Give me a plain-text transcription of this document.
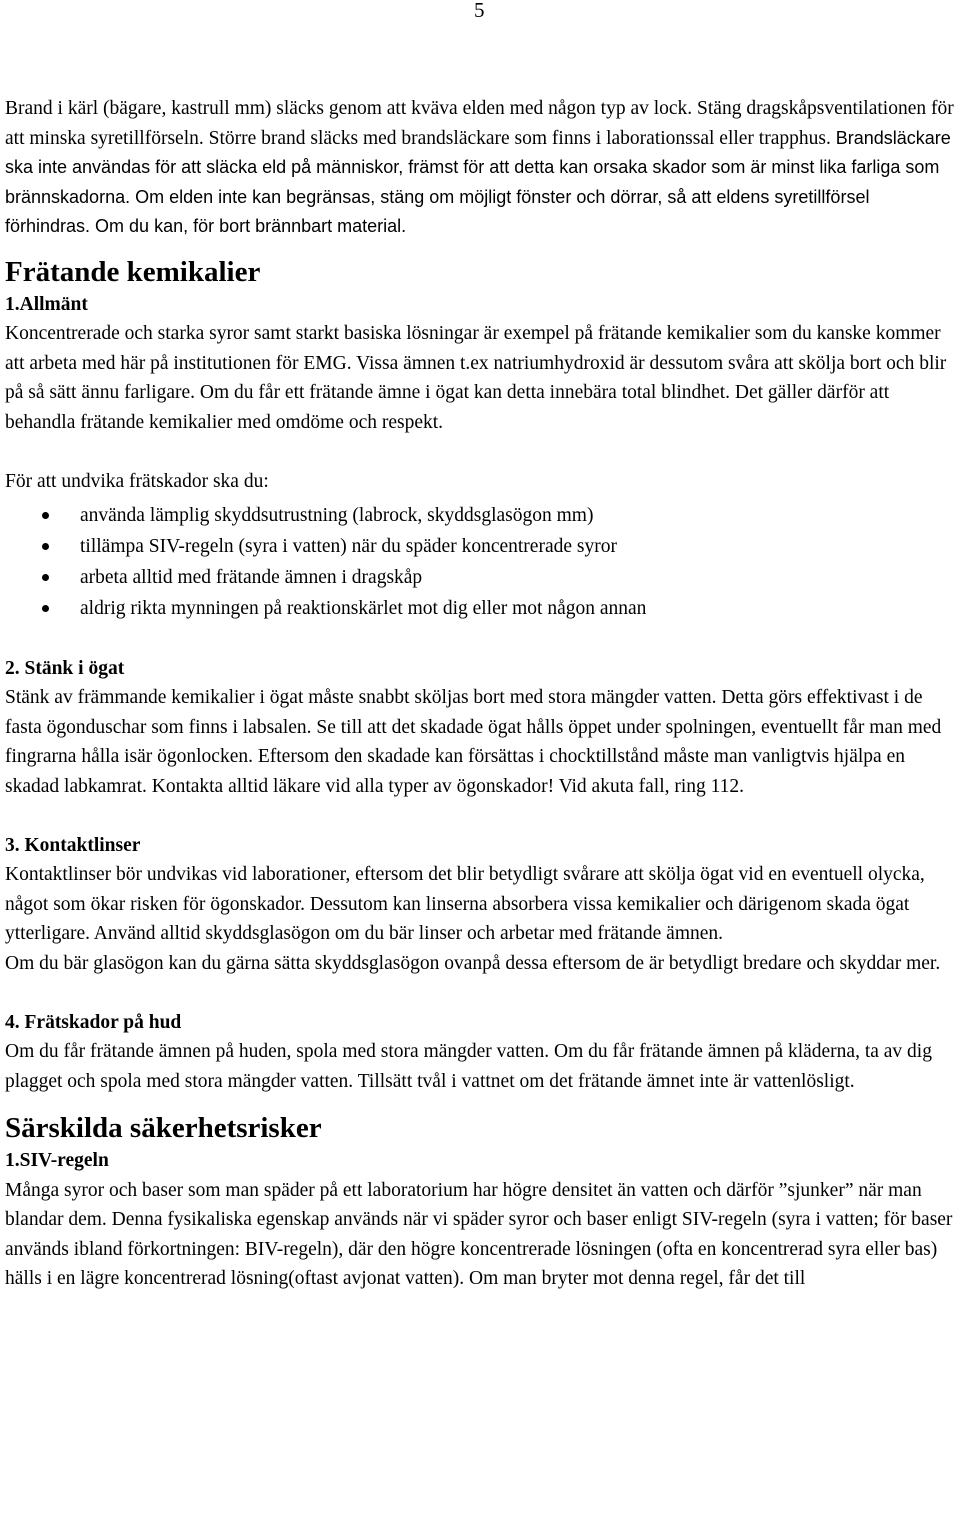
5

Brand i kärl (bägare, kastrull mm) släcks genom att kväva elden med någon typ av lock. Stäng dragskåpsventilationen för att minska syretillförseln. Större brand släcks med brandsläckare som finns i laborationssal eller trapphus. Brandsläckare ska inte användas för att släcka eld på människor, främst för att detta kan orsaka skador som är minst lika farliga som brännskadorna. Om elden inte kan begränsas, stäng om möjligt fönster och dörrar, så att eldens syretillförsel förhindras. Om du kan, för bort brännbart material.

Frätande kemikalier
1.Allmänt

Koncentrerade och starka syror samt starkt basiska lösningar är exempel på frätande kemikalier som du kanske kommer att arbeta med här på institutionen för EMG. Vissa ämnen t.ex natriumhydroxid är dessutom svåra att skölja bort och blir på så sätt ännu farligare. Om du får ett frätande ämne i ögat kan detta innebära total blindhet. Det gäller därför att behandla frätande kemikalier med omdöme och respekt.

För att undvika frätskador ska du:

använda lämplig skyddsutrustning (labrock, skyddsglasögon mm)
tillämpa SIV-regeln (syra i vatten) när du späder koncentrerade syror
arbeta alltid med frätande ämnen i dragskåp
aldrig rikta mynningen på reaktionskärlet mot dig eller mot någon annan
2. Stänk i ögat

Stänk av främmande kemikalier i ögat måste snabbt sköljas bort med stora mängder vatten. Detta görs effektivast i de fasta ögonduschar som finns i labsalen. Se till att det skadade ögat hålls öppet under spolningen, eventuellt får man med fingrarna hålla isär ögonlocken. Eftersom den skadade kan försättas i chocktillstånd måste man vanligtvis hjälpa en skadad labkamrat. Kontakta alltid läkare vid alla typer av ögonskador! Vid akuta fall, ring 112.

3. Kontaktlinser

Kontaktlinser bör undvikas vid laborationer, eftersom det blir betydligt svårare att skölja ögat vid en eventuell olycka, något som ökar risken för ögonskador. Dessutom kan linserna absorbera vissa kemikalier och därigenom skada ögat ytterligare. Använd alltid skyddsglasögon om du bär linser och arbetar med frätande ämnen.

Om du bär glasögon kan du gärna sätta skyddsglasögon ovanpå dessa eftersom de är betydligt bredare och skyddar mer.

4. Frätskador på hud

Om du får frätande ämnen på huden, spola med stora mängder vatten. Om du får frätande ämnen på kläderna, ta av dig plagget och spola med stora mängder vatten. Tillsätt tvål i vattnet om det frätande ämnet inte är vattenlösligt.

Särskilda säkerhetsrisker
1.SIV-regeln

Många syror och baser som man späder på ett laboratorium har högre densitet än vatten och därför ”sjunker” när man blandar dem. Denna fysikaliska egenskap används när vi späder syror och baser enligt SIV-regeln (syra i vatten; för baser används ibland förkortningen: BIV-regeln), där den högre koncentrerade lösningen (ofta en koncentrerad syra eller bas) hälls i en lägre koncentrerad lösning(oftast avjonat vatten). Om man bryter mot denna regel, får det till
